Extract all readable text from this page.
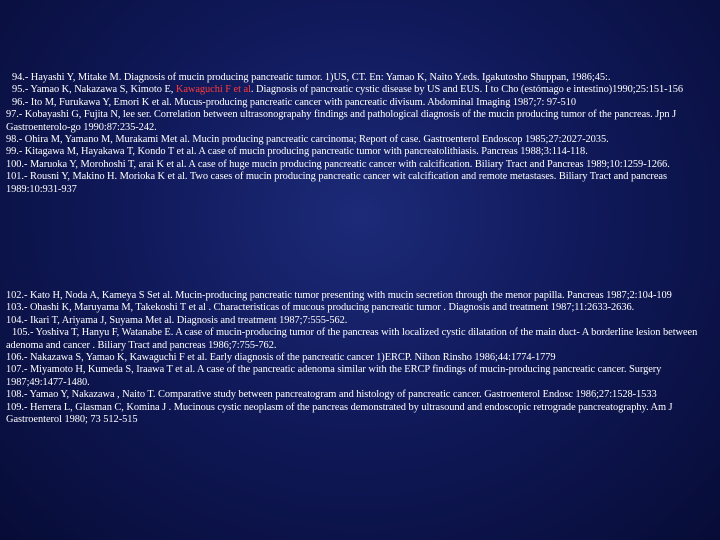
94.- Hayashi Y, Mitake M. Diagnosis of mucin producing pancreatic tumor. 1)US, CT. En: Yamao K, Naito Y.eds. Igakutosho Shuppan, 1986;45:.

95.- Yamao K, Nakazawa S, Kimoto E, Kawaguchi F et al. Diagnosis of pancreatic cystic disease by US and EUS. I to Cho (estómago e intestino)1990;25:151-156

96.- Ito M, Furukawa Y, Emori K et al. Mucus-producing pancreatic cancer with pancreatic divisum. Abdominal Imaging 1987;7: 97-510

97.- Kobayashi G, Fujita N, lee ser. Correlation between ultrasonograpahy findings and pathological diagnosis of the mucin producing tumor of the pancreas. Jpn J Gastroenterolo-go 1990:87:235-242.

98.- Ohira M, Yamano M, Murakami Met al. Mucin producing pancreatic carcinoma; Report of case. Gastroenterol Endoscop 1985;27:2027-2035.

99.- Kitagawa M, Hayakawa T, Kondo T et al. A case of mucin producing pancreatic tumor with pancreatolithiasis. Pancreas 1988;3:114-118.

100.- Maruoka Y, Morohoshi T, arai K et al. A case of huge mucin producing pancreatic cancer with calcification. Biliary Tract and Pancreas 1989;10:1259-1266.

101.- Rousni Y, Makino H. Morioka K et al. Two cases of mucin producing pancreatic cancer wit calcification and remote metastases. Biliary Tract and pancreas 1989:10:931-937

102.- Kato H, Noda A, Kameya S Set al. Mucin-producing pancreatic tumor presenting with mucin secretion through the menor papilla. Pancreas 1987;2:104-109

103.- Ohashi K, Maruyama M, Takekoshi T et al . Characteristicas of mucous producing pancreatic tumor . Diagnosis and treatment 1987;11:2633-2636.

104.- Ikari T, Ariyama J, Suyama Met al. Diagnosis and treatment 1987;7:555-562.

105.- Yoshiva T, Hanyu F, Watanabe E. A case of mucin-producing tumor of the pancreas with localized cystic dilatation of the main duct- A borderline lesion between adenoma and cancer . Biliary Tract and pancreas 1986;7:755-762.

106.- Nakazawa S, Yamao K, Kawaguchi F et al. Early diagnosis of the pancreatic cancer 1)ERCP. Nihon Rinsho 1986;44:1774-1779

107.- Miyamoto H, Kumeda S, Iraawa T et al. A case of the pancreatic adenoma similar with the ERCP findings of mucin-producing pancreatic cancer. Surgery 1987;49:1477-1480.

108.- Yamao Y, Nakazawa , Naito T. Comparative study between pancreatogram and histology of pancreatic cancer. Gastroenterol Endosc 1986;27:1528-1533

109.- Herrera L, Glasman C, Komina J . Mucinous cystic neoplasm of the pancreas demonstrated by ultrasound and endoscopic retrograde pancreatography. Am J Gastroenterol 1980; 73 512-515
